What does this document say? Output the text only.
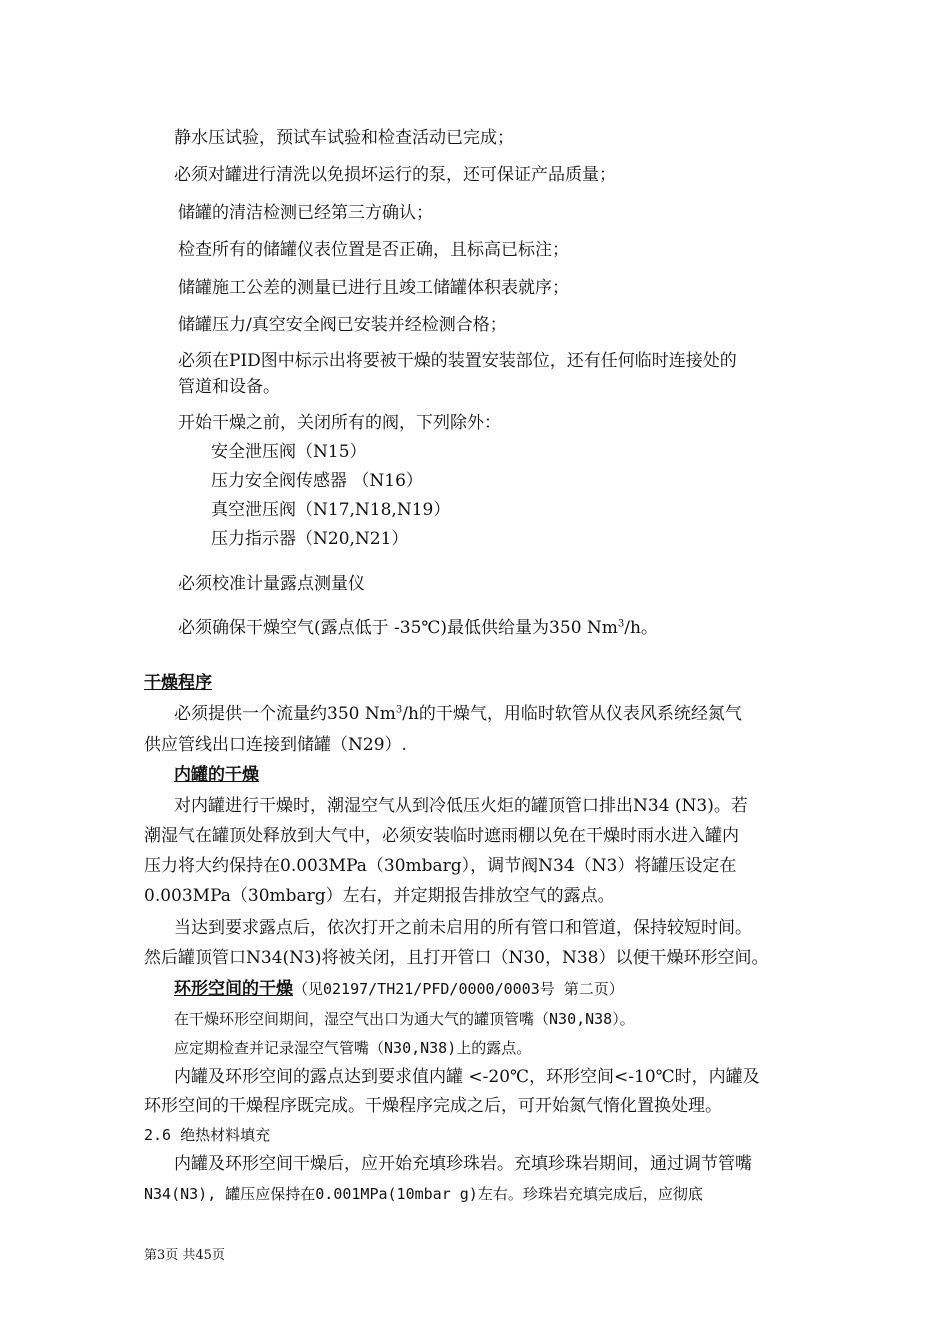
静水压试验，预试车试验和检查活动已完成；
必须对罐进行清洗以免损坏运行的泵，还可保证产品质量；
储罐的清洁检测已经第三方确认；
检查所有的储罐仪表位置是否正确，且标高已标注；
储罐施工公差的测量已进行且竣工储罐体积表就序；
储罐压力/真空安全阀已安装并经检测合格；
必须在PID图中标示出将要被干燥的装置安装部位，还有任何临时连接处的
管道和设备。
开始干燥之前，关闭所有的阀，下列除外：
安全泄压阀（N15）
压力安全阀传感器 （N16）
真空泄压阀（N17,N18,N19）
压力指示器（N20,N21）
必须校准计量露点测量仪
必须确保干燥空气(露点低于 -35℃)最低供给量为350 Nm$^3$/h。
干燥程序
必须提供一个流量约350 Nm$^3$/h的干燥气，用临时软管从仪表风系统经氮气
供应管线出口连接到储罐（N29）.
内罐的干燥
对内罐进行干燥时，潮湿空气从到冷低压火炬的罐顶管口排出N34 (N3)。若
潮湿气在罐顶处释放到大气中，必须安装临时遮雨棚以免在干燥时雨水进入罐内
压力将大约保持在0.003MPa（30mbarg），调节阀N34（N3）将罐压设定在
0.003MPa（30mbarg）左右，并定期报告排放空气的露点。
当达到要求露点后，依次打开之前未启用的所有管口和管道，保持较短时间。
然后罐顶管口N34(N3)将被关闭，且打开管口（N30，N38）以便干燥环形空间。
环形空间的干燥（见02197/TH21/PFD/0000/0003号 第二页）
在干燥环形空间期间，湿空气出口为通大气的罐顶管嘴（N30,N38）。
应定期检查并记录湿空气管嘴（N30,N38)上的露点。
内罐及环形空间的露点达到要求值内罐 <-20℃，环形空间<-10℃时，内罐及
环形空间的干燥程序既完成。干燥程序完成之后，可开始氮气惰化置换处理。
2.6 绝热材料填充
内罐及环形空间干燥后，应开始充填珍珠岩。充填珍珠岩期间，通过调节管嘴
N34(N3), 罐压应保持在0.001MPa(10mbar g)左右。珍珠岩充填完成后，应彻底
第3页 共45页
